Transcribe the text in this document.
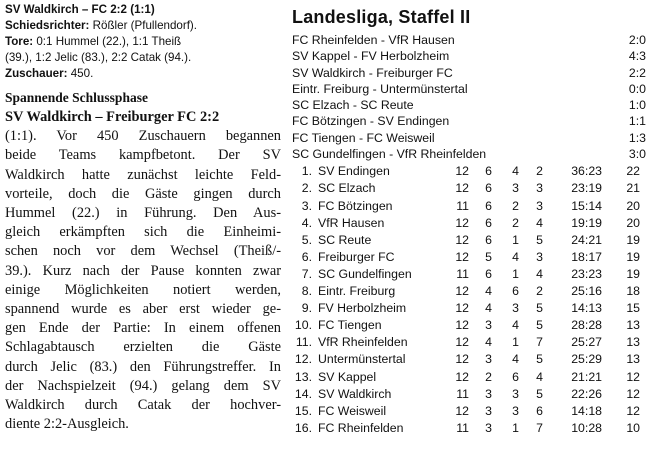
SV Waldkirch – FC 2:2 (1:1)
Schiedsrichter: Rößler (Pfullendorf).
Tore: 0:1 Hummel (22.), 1:1 Theiß
(39.), 1:2 Jelic (83.), 2:2 Catak (94.).
Zuschauer: 450.
Spannende Schlussphase
SV Waldkirch – Freiburger FC 2:2
(1:1). Vor 450 Zuschauern begannen
beide Teams kampfbetont. Der SV
Waldkirch hatte zunächst leichte Feld-
vorteile, doch die Gäste gingen durch
Hummel (22.) in Führung. Den Aus-
gleich erkämpften sich die Einheimi-
schen noch vor dem Wechsel (Theiß/-
39.). Kurz nach der Pause konnten zwar
einige Möglichkeiten notiert werden,
spannend wurde es aber erst wieder ge-
gen Ende der Partie: In einem offenen
Schlagabtausch erzielten die Gäste
durch Jelic (83.) den Führungstreffer. In
der Nachspielzeit (94.) gelang dem SV
Waldkirch durch Catak der hochver-
diente 2:2-Ausgleich.
Landesliga, Staffel II
FC Rheinfelden - VfR Hausen	2:0
SV Kappel - FV Herbolzheim	4:3
SV Waldkirch - Freiburger FC	2:2
Eintr. Freiburg - Untermünstertal	0:0
SC Elzach - SC Reute	1:0
FC Bötzingen - SV Endingen	1:1
FC Tiengen - FC Weisweil	1:3
SC Gundelfingen - VfR Rheinfelden	3:0
1. SV Endingen	12	6	4	2	36:23	22
2. SC Elzach	12	6	3	3	23:19	21
3. FC Bötzingen	11	6	2	3	15:14	20
4. VfR Hausen	12	6	2	4	19:19	20
5. SC Reute	12	6	1	5	24:21	19
6. Freiburger FC	12	5	4	3	18:17	19
7. SC Gundelfingen	11	6	1	4	23:23	19
8. Eintr. Freiburg	12	4	6	2	25:16	18
9. FV Herbolzheim	12	4	3	5	14:13	15
10. FC Tiengen	12	3	4	5	28:28	13
11. VfR Rheinfelden	12	4	1	7	25:27	13
12. Untermünstertal	12	3	4	5	25:29	13
13. SV Kappel	12	2	6	4	21:21	12
14. SV Waldkirch	11	3	3	5	22:26	12
15. FC Weisweil	12	3	3	6	14:18	12
16. FC Rheinfelden	11	3	1	7	10:28	10
